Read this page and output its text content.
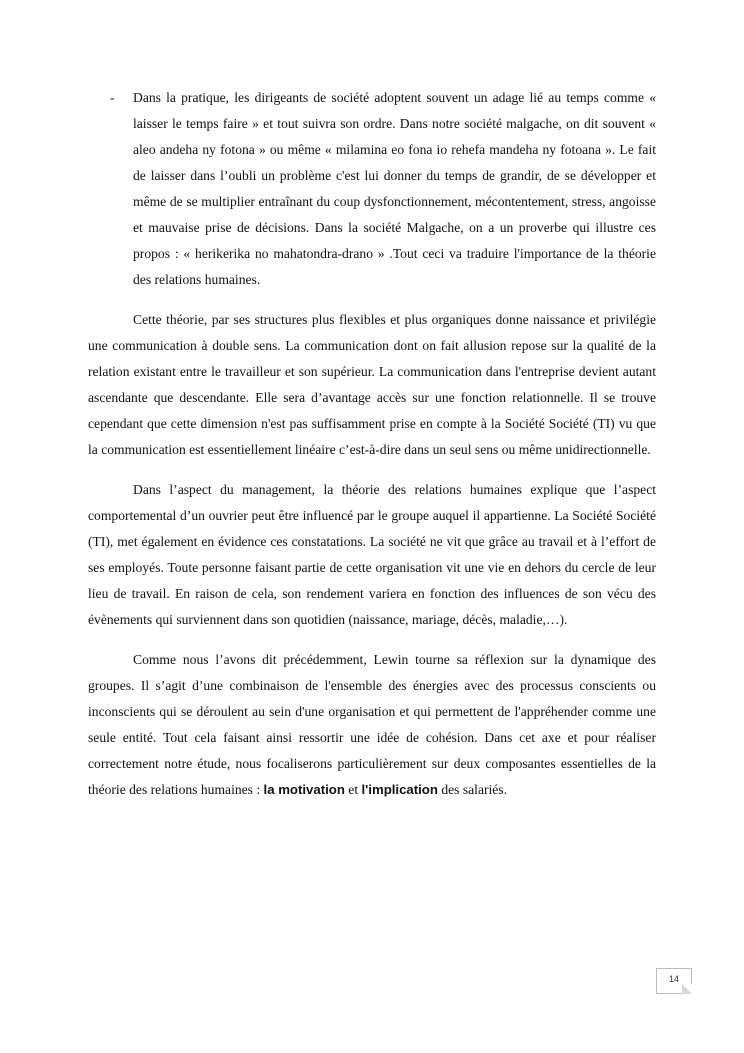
- Dans la pratique, les dirigeants de société adoptent souvent un adage lié au temps comme « laisser le temps faire » et tout suivra son ordre. Dans notre société malgache, on dit souvent « aleo andeha ny fotona » ou même « milamina eo fona io rehefa mandeha ny fotoana ». Le fait de laisser dans l’oubli un problème c'est lui donner du temps de grandir, de se développer et même de se multiplier entraînant du coup dysfonctionnement, mécontentement, stress, angoisse et mauvaise prise de décisions. Dans la société Malgache, on a un proverbe qui illustre ces propos : « herikerika no mahatondra-drano » .Tout ceci va traduire l'importance de la théorie des relations humaines.

Cette théorie, par ses structures plus flexibles et plus organiques donne naissance et privilégie une communication à double sens. La communication dont on fait allusion repose sur la qualité de la relation existant entre le travailleur et son supérieur. La communication dans l'entreprise devient autant ascendante que descendante. Elle sera d’avantage accès sur une fonction relationnelle. Il se trouve cependant que cette dimension n'est pas suffisamment prise en compte à la Société Société (TI) vu que la communication est essentiellement linéaire c’est-à-dire dans un seul sens ou même unidirectionnelle.

Dans l’aspect du management, la théorie des relations humaines explique que l’aspect comportemental d’un ouvrier peut être influencé par le groupe auquel il appartienne. La Société Société (TI), met également en évidence ces constatations. La société ne vit que grâce au travail et à l’effort de ses employés. Toute personne faisant partie de cette organisation vit une vie en dehors du cercle de leur lieu de travail. En raison de cela, son rendement variera en fonction des influences de son vécu des évènements qui surviennent dans son quotidien (naissance, mariage, décès, maladie,…).

Comme nous l’avons dit précédemment, Lewin tourne sa réflexion sur la dynamique des groupes. Il s’agit d’une combinaison de l'ensemble des énergies avec des processus conscients ou inconscients qui se déroulent au sein d'une organisation et qui permettent de l'appréhender comme une seule entité. Tout cela faisant ainsi ressortir une idée de cohésion. Dans cet axe et pour réaliser correctement notre étude, nous focaliserons particulièrement sur deux composantes essentielles de la théorie des relations humaines : la motivation et l'implication des salariés.

14
